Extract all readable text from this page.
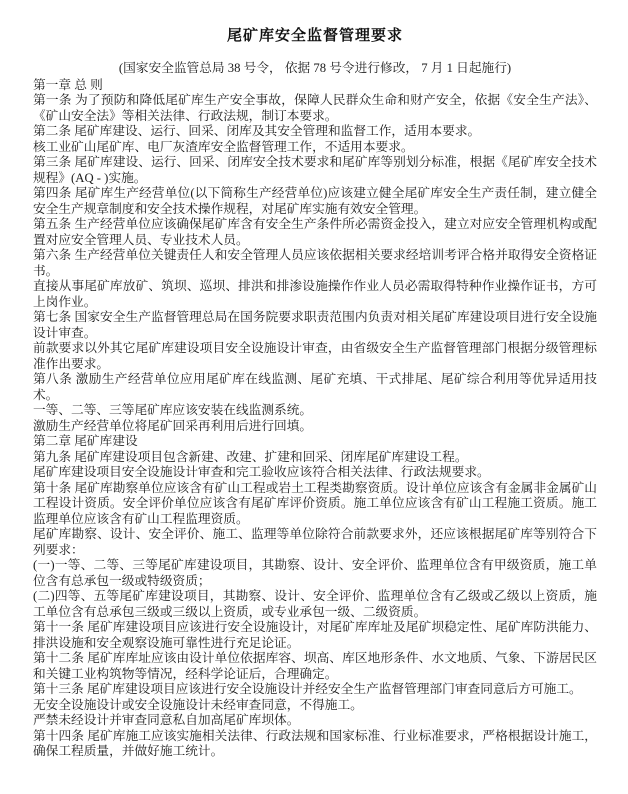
尾矿库安全监督管理要求

(国家安全监管总局 38 号令， 依据 78 号令进行修改， 7 月 1 日起施行)

第一章 总 则

第一条 为了预防和降低尾矿库生产安全事故，保障人民群众生命和财产安全，依据《安全生产法》、《矿山安全法》等相关法律、行政法规，制订本要求。

第二条 尾矿库建设、运行、回采、闭库及其安全管理和监督工作，适用本要求。

核工业矿山尾矿库、电厂灰渣库安全监督管理工作，不适用本要求。

第三条 尾矿库建设、运行、回采、闭库安全技术要求和尾矿库等别划分标准，根据《尾矿库安全技术规程》(AQ - )实施。

第四条 尾矿库生产经营单位(以下简称生产经营单位)应该建立健全尾矿库安全生产责任制，建立健全安全生产规章制度和安全技术操作规程，对尾矿库实施有效安全管理。

第五条 生产经营单位应该确保尾矿库含有安全生产条件所必需资金投入，建立对应安全管理机构或配置对应安全管理人员、专业技术人员。

第六条 生产经营单位关键责任人和安全管理人员应该依据相关要求经培训考评合格并取得安全资格证书。

直接从事尾矿库放矿、筑坝、巡坝、排洪和排渗设施操作作业人员必需取得特种作业操作证书，方可上岗作业。

第七条 国家安全生产监督管理总局在国务院要求职责范围内负责对相关尾矿库建设项目进行安全设施设计审查。

前款要求以外其它尾矿库建设项目安全设施设计审查，由省级安全生产监督管理部门根据分级管理标准作出要求。

第八条 激励生产经营单位应用尾矿库在线监测、尾矿充填、干式排尾、尾矿综合利用等优异适用技术。

一等、二等、三等尾矿库应该安装在线监测系统。

激励生产经营单位将尾矿回采再利用后进行回填。

第二章 尾矿库建设

第九条 尾矿库建设项目包含新建、改建、扩建和回采、闭库尾矿库建设工程。

尾矿库建设项目安全设施设计审查和完工验收应该符合相关法律、行政法规要求。

第十条 尾矿库勘察单位应该含有矿山工程或岩土工程类勘察资质。设计单位应该含有金属非金属矿山工程设计资质。安全评价单位应该含有尾矿库评价资质。施工单位应该含有矿山工程施工资质。施工监理单位应该含有矿山工程监理资质。

尾矿库勘察、设计、安全评价、施工、监理等单位除符合前款要求外，还应该根据尾矿库等别符合下列要求：

(一)一等、二等、三等尾矿库建设项目，其勘察、设计、安全评价、监理单位含有甲级资质，施工单位含有总承包一级或特级资质；

(二)四等、五等尾矿库建设项目，其勘察、设计、安全评价、监理单位含有乙级或乙级以上资质，施工单位含有总承包三级或三级以上资质，或专业承包一级、二级资质。

第十一条 尾矿库建设项目应该进行安全设施设计，对尾矿库库址及尾矿坝稳定性、尾矿库防洪能力、排洪设施和安全观察设施可靠性进行充足论证。

第十二条 尾矿库库址应该由设计单位依据库容、坝高、库区地形条件、水文地质、气象、下游居民区和关键工业构筑物等情况，经科学论证后，合理确定。

第十三条 尾矿库建设项目应该进行安全设施设计并经安全生产监督管理部门审查同意后方可施工。

无安全设施设计或安全设施设计未经审查同意，不得施工。

严禁未经设计并审查同意私自加高尾矿库坝体。

第十四条 尾矿库施工应该实施相关法律、行政法规和国家标准、行业标准要求，严格根据设计施工，确保工程质量，并做好施工统计。
